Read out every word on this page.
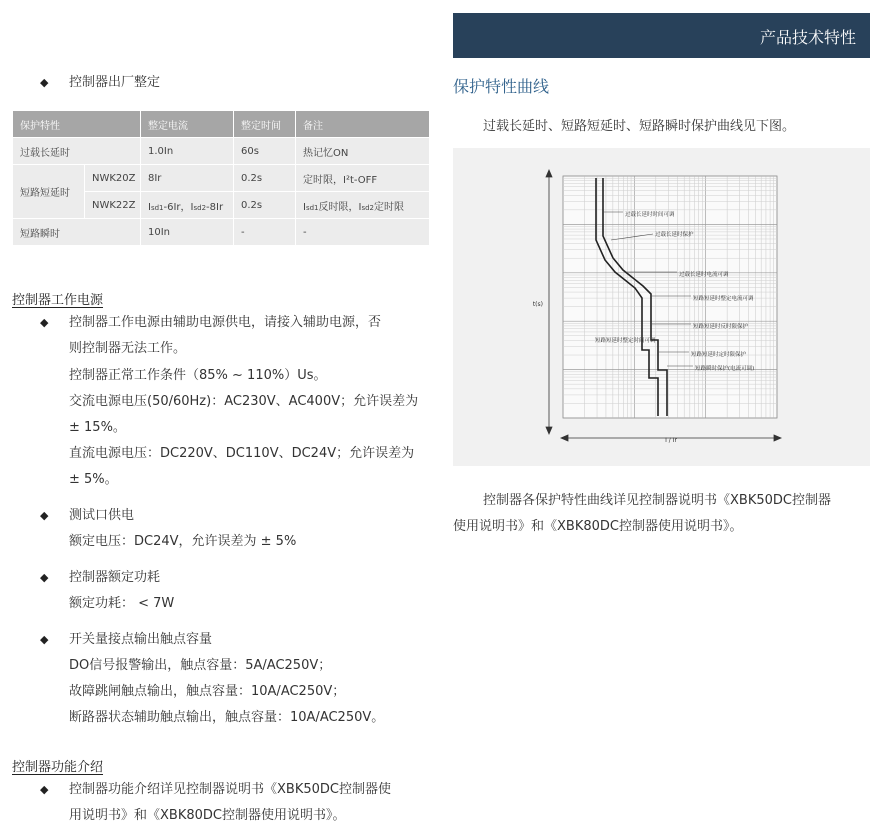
产品技术特性
◆ 控制器出厂整定
保护特性		整定电流	整定时间	备注
过载长延时		1.0In	60s	热记忆ON
短路短延时	NWK20Z	8Ir	0.2s	定时限，I²t-OFF
	NWK22Z	Isd1-6Ir，Isd2-8Ir	0.2s	Isd1反时限，Isd2定时限
短路瞬时		10In	-	-
控制器工作电源
◆ 控制器工作电源由辅助电源供电，请接入辅助电源，否
则控制器无法工作。
控制器正常工作条件（85% ~ 110%）Us。
交流电源电压(50/60Hz)：AC230V、AC400V；允许误差为
± 15%。
直流电源电压：DC220V、DC110V、DC24V；允许误差为
± 5%。
◆ 测试口供电
额定电压：DC24V，允许误差为 ± 5%
◆ 控制器额定功耗
额定功耗： < 7W
◆ 开关量接点输出触点容量
DO信号报警输出，触点容量：5A/AC250V；
故障跳闸触点输出，触点容量：10A/AC250V；
断路器状态辅助触点输出，触点容量：10A/AC250V。
控制器功能介绍
◆ 控制器功能介绍详见控制器说明书《XBK50DC控制器使
用说明书》和《XBK80DC控制器使用说明书》。
保护特性曲线
过载长延时、短路短延时、短路瞬时保护曲线见下图。
t(s)
I / Ir
过载长延时时间可调
过载长延时保护
过载长延时电流可调
短路短延时整定电流可调
短路短延时反时限保护
短路短延时整定时间可调
短路短延时定时限保护
短路瞬时保护(电流可调)
控制器各保护特性曲线详见控制器说明书《XBK50DC控制器
使用说明书》和《XBK80DC控制器使用说明书》。
